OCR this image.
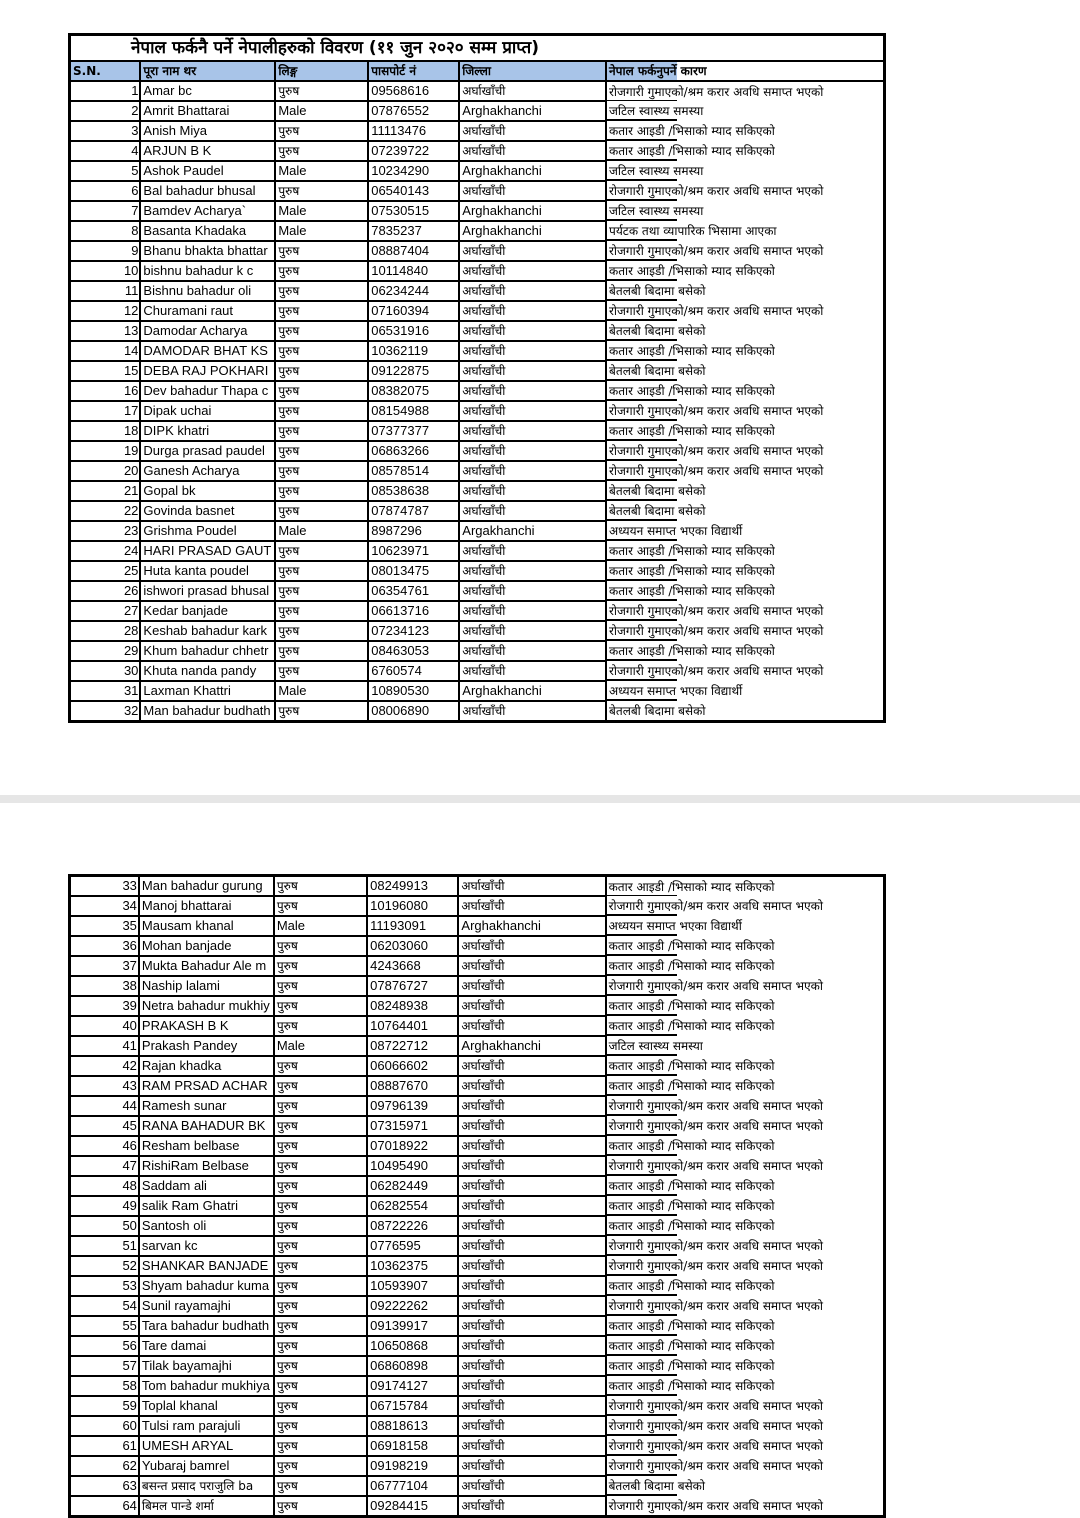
नेपाल फर्कनै पर्ने नेपालीहरुको विवरण (११ जुन २०२० सम्म प्राप्त)
S.N.	पूरा नाम थर	लिङ्ग	पासपोर्ट नं	जिल्ला	नेपाल फर्कनुपर्ने कारण
1	Amar bc	पुरुष	09568616	अर्घाखाँची	रोजगारी गुमाएको/श्रम करार अवधि समाप्त भएको
2	Amrit Bhattarai	Male	07876552	Arghakhanchi	जटिल स्वास्थ्य समस्या
3	Anish Miya	पुरुष	11113476	अर्घाखाँची	कतार आइडी /भिसाको म्याद सकिएको
4	ARJUN B K	पुरुष	07239722	अर्घाखाँची	कतार आइडी /भिसाको म्याद सकिएको
5	Ashok Paudel	Male	10234290	Arghakhanchi	जटिल स्वास्थ्य समस्या
6	Bal bahadur bhusal	पुरुष	06540143	अर्घाखाँची	रोजगारी गुमाएको/श्रम करार अवधि समाप्त भएको
7	Bamdev Acharya`	Male	07530515	Arghakhanchi	जटिल स्वास्थ्य समस्या
8	Basanta Khadaka	Male	7835237	Arghakhanchi	पर्यटक तथा व्यापारिक भिसामा आएका
9	Bhanu bhakta bhattar	पुरुष	08887404	अर्घाखाँची	रोजगारी गुमाएको/श्रम करार अवधि समाप्त भएको
10	bishnu bahadur k c	पुरुष	10114840	अर्घाखाँची	कतार आइडी /भिसाको म्याद सकिएको
11	Bishnu bahadur oli	पुरुष	06234244	अर्घाखाँची	बेतलबी बिदामा बसेको
12	Churamani raut	पुरुष	07160394	अर्घाखाँची	रोजगारी गुमाएको/श्रम करार अवधि समाप्त भएको
13	Damodar Acharya	पुरुष	06531916	अर्घाखाँची	बेतलबी बिदामा बसेको
14	DAMODAR BHAT KS	पुरुष	10362119	अर्घाखाँची	कतार आइडी /भिसाको म्याद सकिएको
15	DEBA RAJ POKHARI	पुरुष	09122875	अर्घाखाँची	बेतलबी बिदामा बसेको
16	Dev bahadur Thapa c	पुरुष	08382075	अर्घाखाँची	कतार आइडी /भिसाको म्याद सकिएको
17	Dipak uchai	पुरुष	08154988	अर्घाखाँची	रोजगारी गुमाएको/श्रम करार अवधि समाप्त भएको
18	DIPK khatri	पुरुष	07377377	अर्घाखाँची	कतार आइडी /भिसाको म्याद सकिएको
19	Durga prasad paudel	पुरुष	06863266	अर्घाखाँची	रोजगारी गुमाएको/श्रम करार अवधि समाप्त भएको
20	Ganesh Acharya	पुरुष	08578514	अर्घाखाँची	रोजगारी गुमाएको/श्रम करार अवधि समाप्त भएको
21	Gopal bk	पुरुष	08538638	अर्घाखाँची	बेतलबी बिदामा बसेको
22	Govinda basnet	पुरुष	07874787	अर्घाखाँची	बेतलबी बिदामा बसेको
23	Grishma Poudel	Male	8987296	Argakhanchi	अध्ययन समाप्त भएका विद्यार्थी
24	HARI PRASAD GAUT	पुरुष	10623971	अर्घाखाँची	कतार आइडी /भिसाको म्याद सकिएको
25	Huta kanta poudel	पुरुष	08013475	अर्घाखाँची	कतार आइडी /भिसाको म्याद सकिएको
26	ishwori prasad bhusal	पुरुष	06354761	अर्घाखाँची	कतार आइडी /भिसाको म्याद सकिएको
27	Kedar banjade	पुरुष	06613716	अर्घाखाँची	रोजगारी गुमाएको/श्रम करार अवधि समाप्त भएको
28	Keshab bahadur kark	पुरुष	07234123	अर्घाखाँची	रोजगारी गुमाएको/श्रम करार अवधि समाप्त भएको
29	Khum bahadur chhetr	पुरुष	08463053	अर्घाखाँची	कतार आइडी /भिसाको म्याद सकिएको
30	Khuta nanda pandy	पुरुष	6760574	अर्घाखाँची	रोजगारी गुमाएको/श्रम करार अवधि समाप्त भएको
31	Laxman Khattri	Male	10890530	Arghakhanchi	अध्ययन समाप्त भएका विद्यार्थी
32	Man bahadur budhath	पुरुष	08006890	अर्घाखाँची	बेतलबी बिदामा बसेको
33	Man bahadur gurung	पुरुष	08249913	अर्घाखाँची	कतार आइडी /भिसाको म्याद सकिएको
34	Manoj bhattarai	पुरुष	10196080	अर्घाखाँची	रोजगारी गुमाएको/श्रम करार अवधि समाप्त भएको
35	Mausam khanal	Male	11193091	Arghakhanchi	अध्ययन समाप्त भएका विद्यार्थी
36	Mohan banjade	पुरुष	06203060	अर्घाखाँची	कतार आइडी /भिसाको म्याद सकिएको
37	Mukta Bahadur Ale m	पुरुष	4243668	अर्घाखाँची	कतार आइडी /भिसाको म्याद सकिएको
38	Naship lalami	पुरुष	07876727	अर्घाखाँची	रोजगारी गुमाएको/श्रम करार अवधि समाप्त भएको
39	Netra bahadur mukhiy	पुरुष	08248938	अर्घाखाँची	कतार आइडी /भिसाको म्याद सकिएको
40	PRAKASH B K	पुरुष	10764401	अर्घाखाँची	कतार आइडी /भिसाको म्याद सकिएको
41	Prakash Pandey	Male	08722712	Arghakhanchi	जटिल स्वास्थ्य समस्या
42	Rajan khadka	पुरुष	06066602	अर्घाखाँची	कतार आइडी /भिसाको म्याद सकिएको
43	RAM PRSAD ACHAR	पुरुष	08887670	अर्घाखाँची	कतार आइडी /भिसाको म्याद सकिएको
44	Ramesh sunar	पुरुष	09796139	अर्घाखाँची	रोजगारी गुमाएको/श्रम करार अवधि समाप्त भएको
45	RANA BAHADUR BK	पुरुष	07315971	अर्घाखाँची	रोजगारी गुमाएको/श्रम करार अवधि समाप्त भएको
46	Resham belbase	पुरुष	07018922	अर्घाखाँची	कतार आइडी /भिसाको म्याद सकिएको
47	RishiRam Belbase	पुरुष	10495490	अर्घाखाँची	रोजगारी गुमाएको/श्रम करार अवधि समाप्त भएको
48	Saddam ali	पुरुष	06282449	अर्घाखाँची	कतार आइडी /भिसाको म्याद सकिएको
49	salik Ram Ghatri	पुरुष	06282554	अर्घाखाँची	कतार आइडी /भिसाको म्याद सकिएको
50	Santosh oli	पुरुष	08722226	अर्घाखाँची	कतार आइडी /भिसाको म्याद सकिएको
51	sarvan kc	पुरुष	0776595	अर्घाखाँची	रोजगारी गुमाएको/श्रम करार अवधि समाप्त भएको
52	SHANKAR BANJADE	पुरुष	10362375	अर्घाखाँची	रोजगारी गुमाएको/श्रम करार अवधि समाप्त भएको
53	Shyam bahadur kuma	पुरुष	10593907	अर्घाखाँची	कतार आइडी /भिसाको म्याद सकिएको
54	Sunil rayamajhi	पुरुष	09222262	अर्घाखाँची	रोजगारी गुमाएको/श्रम करार अवधि समाप्त भएको
55	Tara bahadur budhath	पुरुष	09139917	अर्घाखाँची	कतार आइडी /भिसाको म्याद सकिएको
56	Tare damai	पुरुष	10650868	अर्घाखाँची	कतार आइडी /भिसाको म्याद सकिएको
57	Tilak bayamajhi	पुरुष	06860898	अर्घाखाँची	कतार आइडी /भिसाको म्याद सकिएको
58	Tom bahadur mukhiya	पुरुष	09174127	अर्घाखाँची	कतार आइडी /भिसाको म्याद सकिएको
59	Toplal khanal	पुरुष	06715784	अर्घाखाँची	रोजगारी गुमाएको/श्रम करार अवधि समाप्त भएको
60	Tulsi ram parajuli	पुरुष	08818613	अर्घाखाँची	रोजगारी गुमाएको/श्रम करार अवधि समाप्त भएको
61	UMESH ARYAL	पुरुष	06918158	अर्घाखाँची	रोजगारी गुमाएको/श्रम करार अवधि समाप्त भएको
62	Yubaraj bamrel	पुरुष	09198219	अर्घाखाँची	रोजगारी गुमाएको/श्रम करार अवधि समाप्त भएको
63	बसन्त प्रसाद पराजुलि ba	पुरुष	06777104	अर्घाखाँची	बेतलबी बिदामा बसेको
64	बिमल पान्डे शर्मा	पुरुष	09284415	अर्घाखाँची	रोजगारी गुमाएको/श्रम करार अवधि समाप्त भएको
